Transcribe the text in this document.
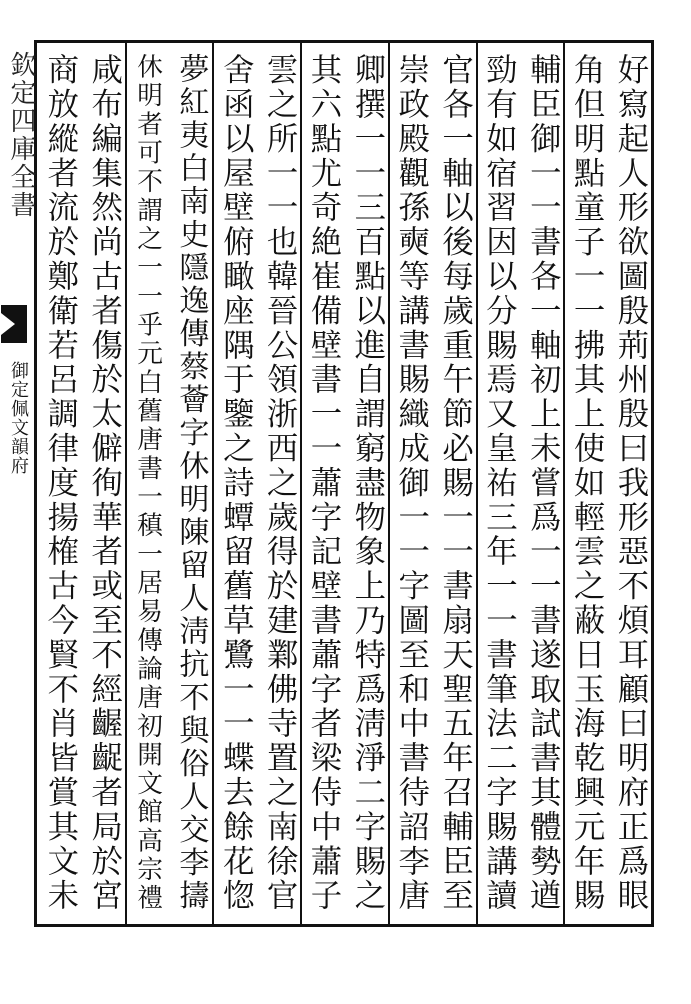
欽定四庫全書
御定佩文韻府	好寫起人形欲圖殷荊州殷曰我形惡不煩耳顧曰明府正爲眼
角但明點童子一一拂其上使如輕雲之蔽日玉海乾興元年賜
輔臣御一一書各一軸初上未嘗爲一一書遂取試書其體勢遒
勁有如宿習因以分賜焉又皇祐三年一一書筆法二字賜講讀
官各一軸以後每歲重午節必賜一一書扇天聖五年召輔臣至
崇政殿觀孫奭等講書賜織成御一一字圖至和中書待詔李唐
卿撰一一三百點以進自謂窮盡物象上乃特爲淸淨二字賜之
其六點尤奇絶崔備壁書一一蕭字記壁書蕭字者梁侍中蕭子
雲之所一一也韓晉公領浙西之歲得於建鄴佛寺置之南徐官
舍函以屋壁俯瞰座隅于鑒之詩蟫留舊草鷺一一蝶去餘花惚
夢紅夷白南史隱逸傳蔡薈字休明陳留人淸抗不與俗人交李擣
休明者可不謂之一一乎元白舊唐書一稹一居易傳論唐初開文館高宗禮
咸布編集然尚古者傷於太僻徇華者或至不經齷齪者局於宮
商放縱者流於鄭衛若呂調律度揚榷古今賢不肖皆賞其文未
